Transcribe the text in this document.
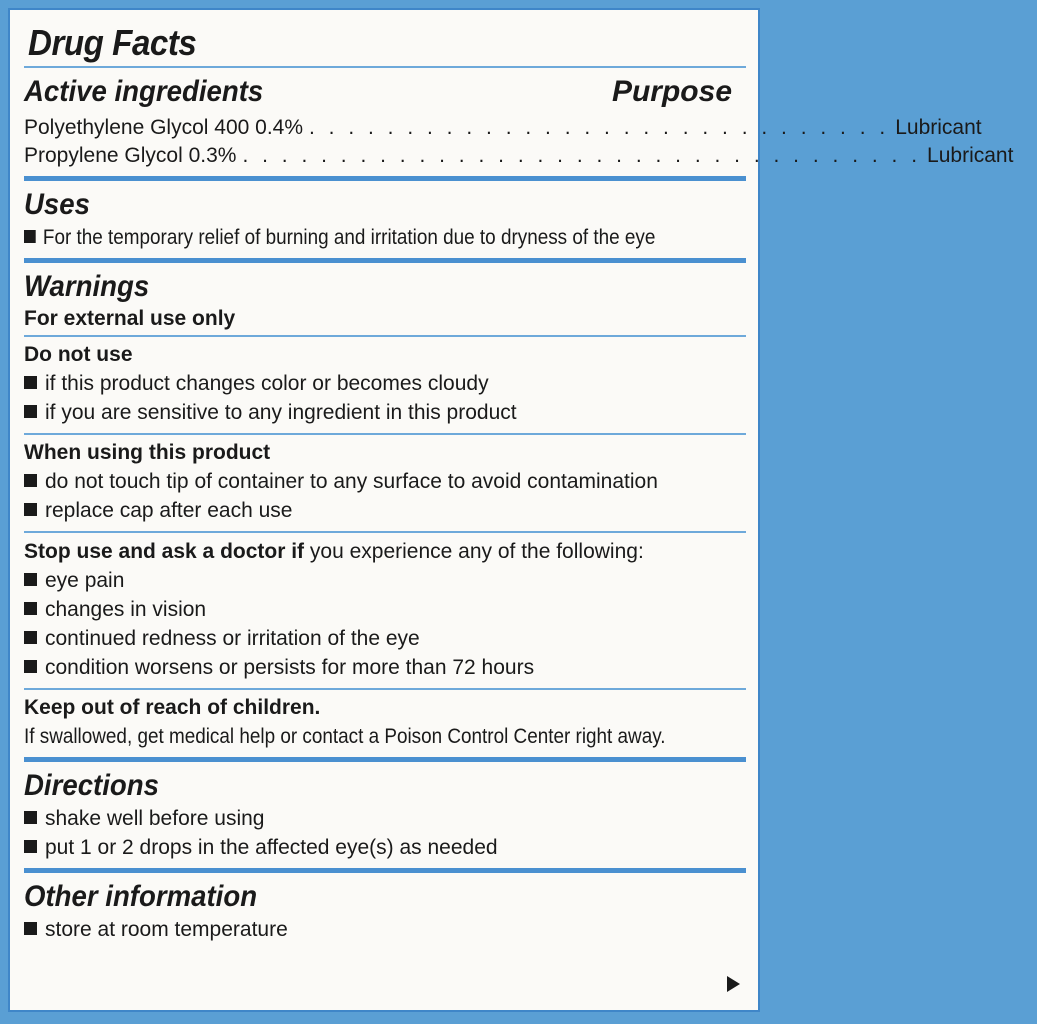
Drug Facts
Active ingredients	Purpose
Polyethylene Glycol 400 0.4% . . . . . . . . . . . . . . . . . . . . . . . . . . . . . . Lubricant
Propylene Glycol 0.3% . . . . . . . . . . . . . . . . . . . . . . . . . . . . . . . . . . . Lubricant
Uses
For the temporary relief of burning and irritation due to dryness of the eye
Warnings
For external use only
Do not use
if this product changes color or becomes cloudy
if you are sensitive to any ingredient in this product
When using this product
do not touch tip of container to any surface to avoid contamination
replace cap after each use
Stop use and ask a doctor if you experience any of the following:
eye pain
changes in vision
continued redness or irritation of the eye
condition worsens or persists for more than 72 hours
Keep out of reach of children.
If swallowed, get medical help or contact a Poison Control Center right away.
Directions
shake well before using
put 1 or 2 drops in the affected eye(s) as needed
Other information
store at room temperature
